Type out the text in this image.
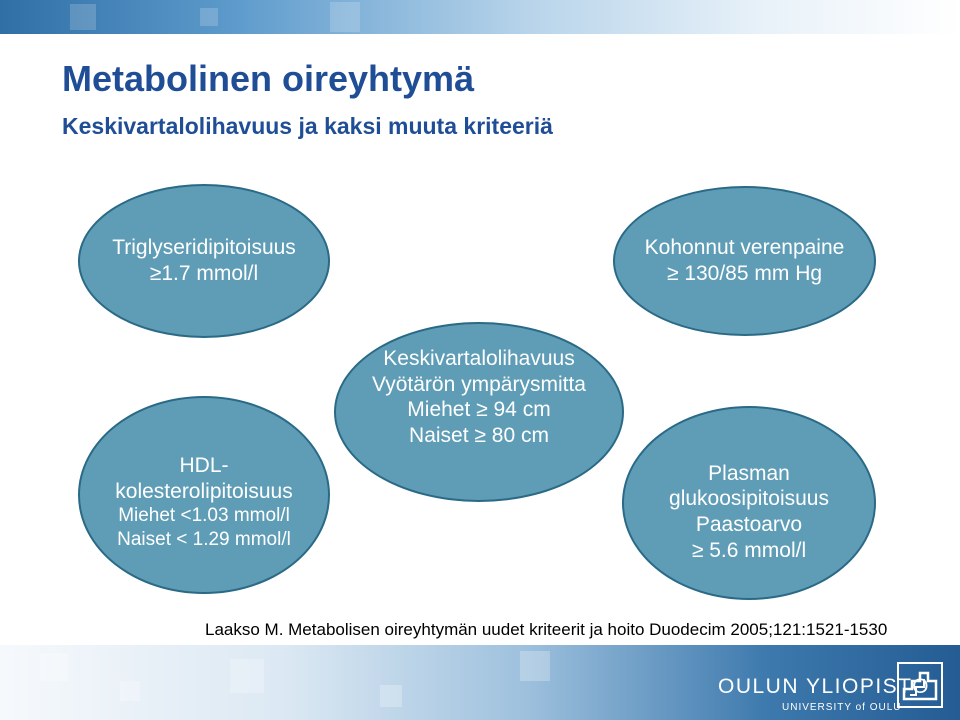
Metabolinen oireyhtymä
Keskivartalolihavuus ja kaksi muuta kriteeriä
Triglyseridipitoisuus
≥1.7 mmol/l
Kohonnut verenpaine
≥ 130/85 mm Hg
Keskivartalolihavuus
Vyötärön ympärysmitta
Miehet ≥ 94 cm
Naiset ≥ 80 cm
HDL-
kolesterolipitoisuus
Miehet <1.03 mmol/l
Naiset < 1.29 mmol/l
Plasman
glukoosipitoisuus
Paastoarvo
≥ 5.6 mmol/l

Laakso M. Metabolisen oireyhtymän uudet kriteerit ja hoito Duodecim 2005;121:1521-1530

OULUN YLIOPISTO

UNIVERSITY of OULU
